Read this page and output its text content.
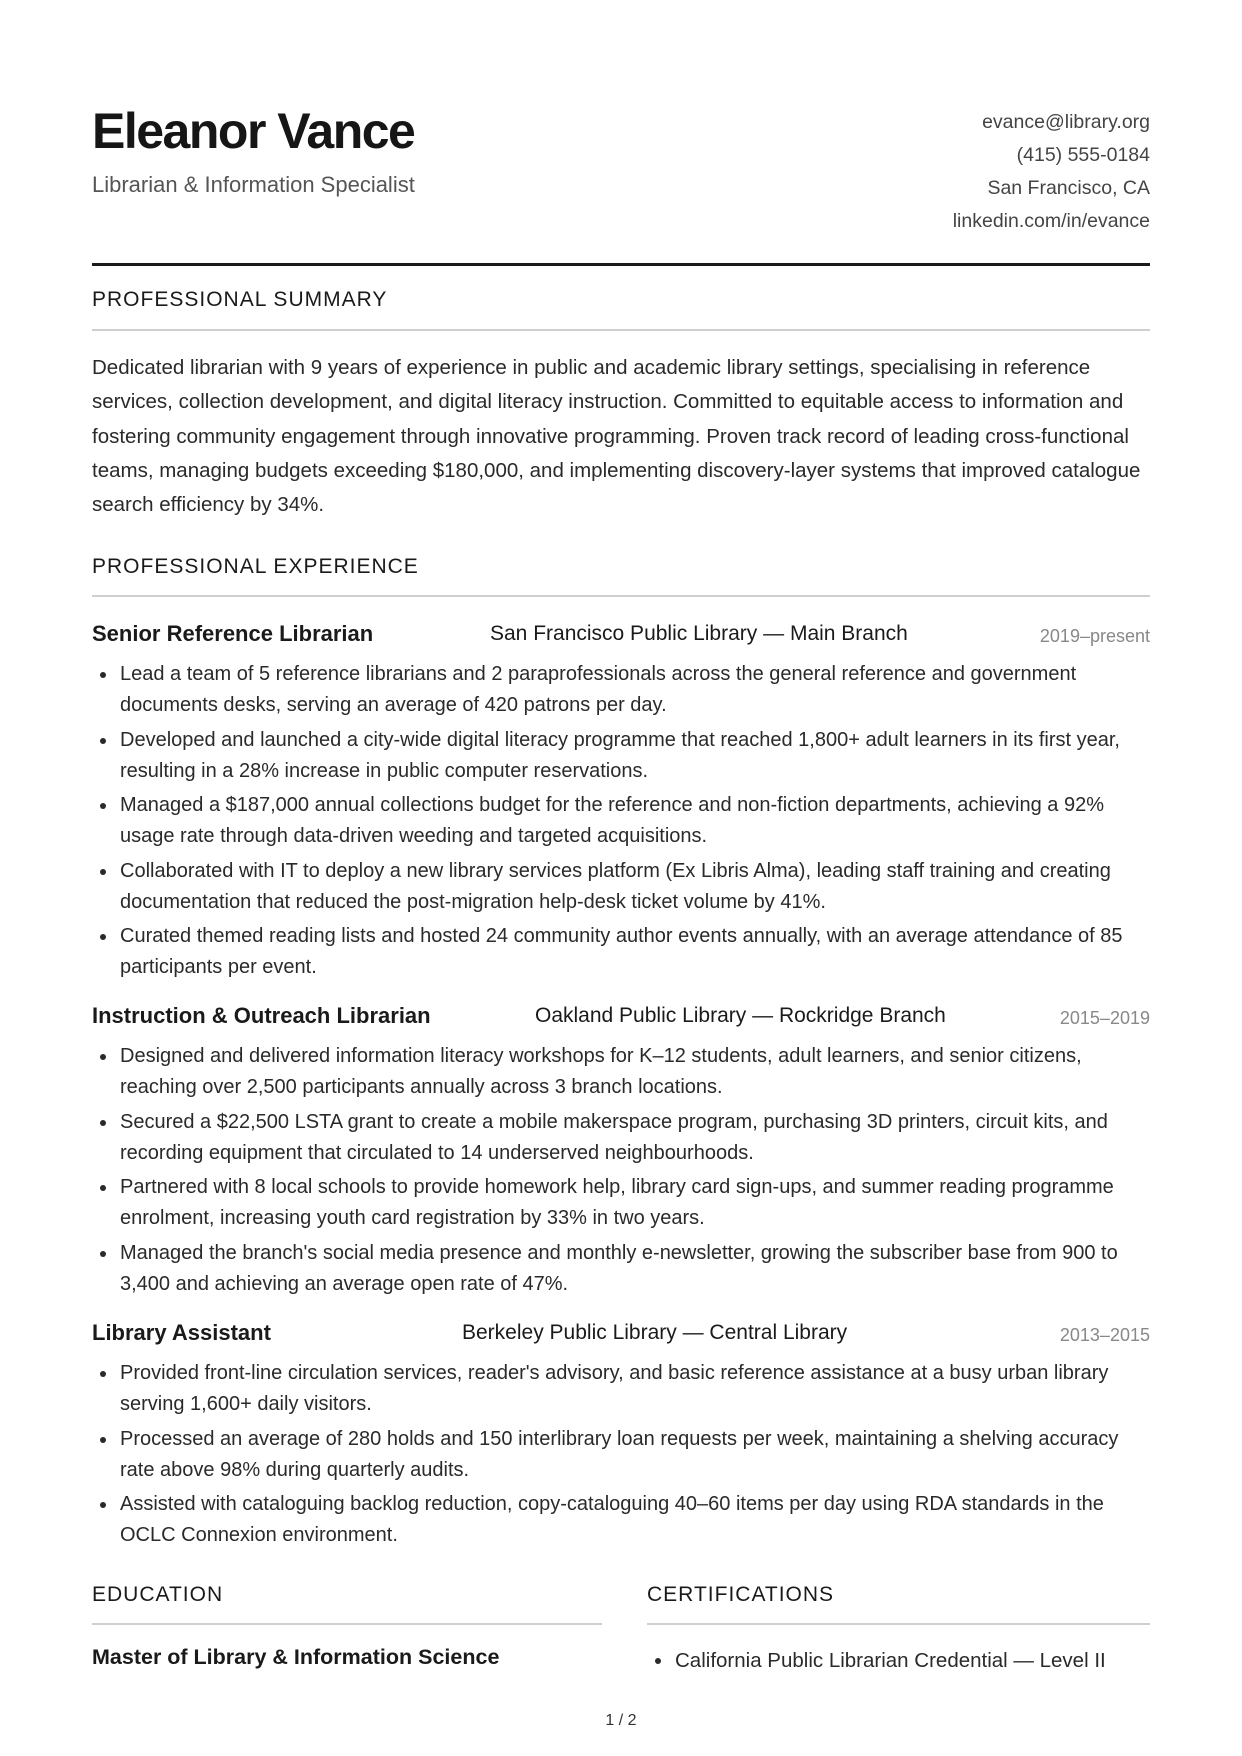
Eleanor Vance
Librarian & Information Specialist
evance@library.org
(415) 555-0184
San Francisco, CA
linkedin.com/in/evance
PROFESSIONAL SUMMARY

Dedicated librarian with 9 years of experience in public and academic library settings, specialising in reference services, collection development, and digital literacy instruction. Committed to equitable access to information and fostering community engagement through innovative programming. Proven track record of leading cross-functional teams, managing budgets exceeding $180,000, and implementing discovery-layer systems that improved catalogue search efficiency by 34%.

PROFESSIONAL EXPERIENCE
Senior Reference Librarian	San Francisco Public Library — Main Branch	2019–present
Lead a team of 5 reference librarians and 2 paraprofessionals across the general reference and government documents desks, serving an average of 420 patrons per day.
Developed and launched a city-wide digital literacy programme that reached 1,800+ adult learners in its first year, resulting in a 28% increase in public computer reservations.
Managed a $187,000 annual collections budget for the reference and non-fiction departments, achieving a 92% usage rate through data-driven weeding and targeted acquisitions.
Collaborated with IT to deploy a new library services platform (Ex Libris Alma), leading staff training and creating documentation that reduced the post-migration help-desk ticket volume by 41%.
Curated themed reading lists and hosted 24 community author events annually, with an average attendance of 85 participants per event.
Instruction & Outreach Librarian	Oakland Public Library — Rockridge Branch	2015–2019
Designed and delivered information literacy workshops for K–12 students, adult learners, and senior citizens, reaching over 2,500 participants annually across 3 branch locations.
Secured a $22,500 LSTA grant to create a mobile makerspace program, purchasing 3D printers, circuit kits, and recording equipment that circulated to 14 underserved neighbourhoods.
Partnered with 8 local schools to provide homework help, library card sign-ups, and summer reading programme enrolment, increasing youth card registration by 33% in two years.
Managed the branch's social media presence and monthly e-newsletter, growing the subscriber base from 900 to 3,400 and achieving an average open rate of 47%.
Library Assistant	Berkeley Public Library — Central Library	2013–2015
Provided front-line circulation services, reader's advisory, and basic reference assistance at a busy urban library serving 1,600+ daily visitors.
Processed an average of 280 holds and 150 interlibrary loan requests per week, maintaining a shelving accuracy rate above 98% during quarterly audits.
Assisted with cataloguing backlog reduction, copy-cataloguing 40–60 items per day using RDA standards in the OCLC Connexion environment.
EDUCATION
Master of Library & Information Science
CERTIFICATIONS
California Public Librarian Credential — Level II
1 / 2
